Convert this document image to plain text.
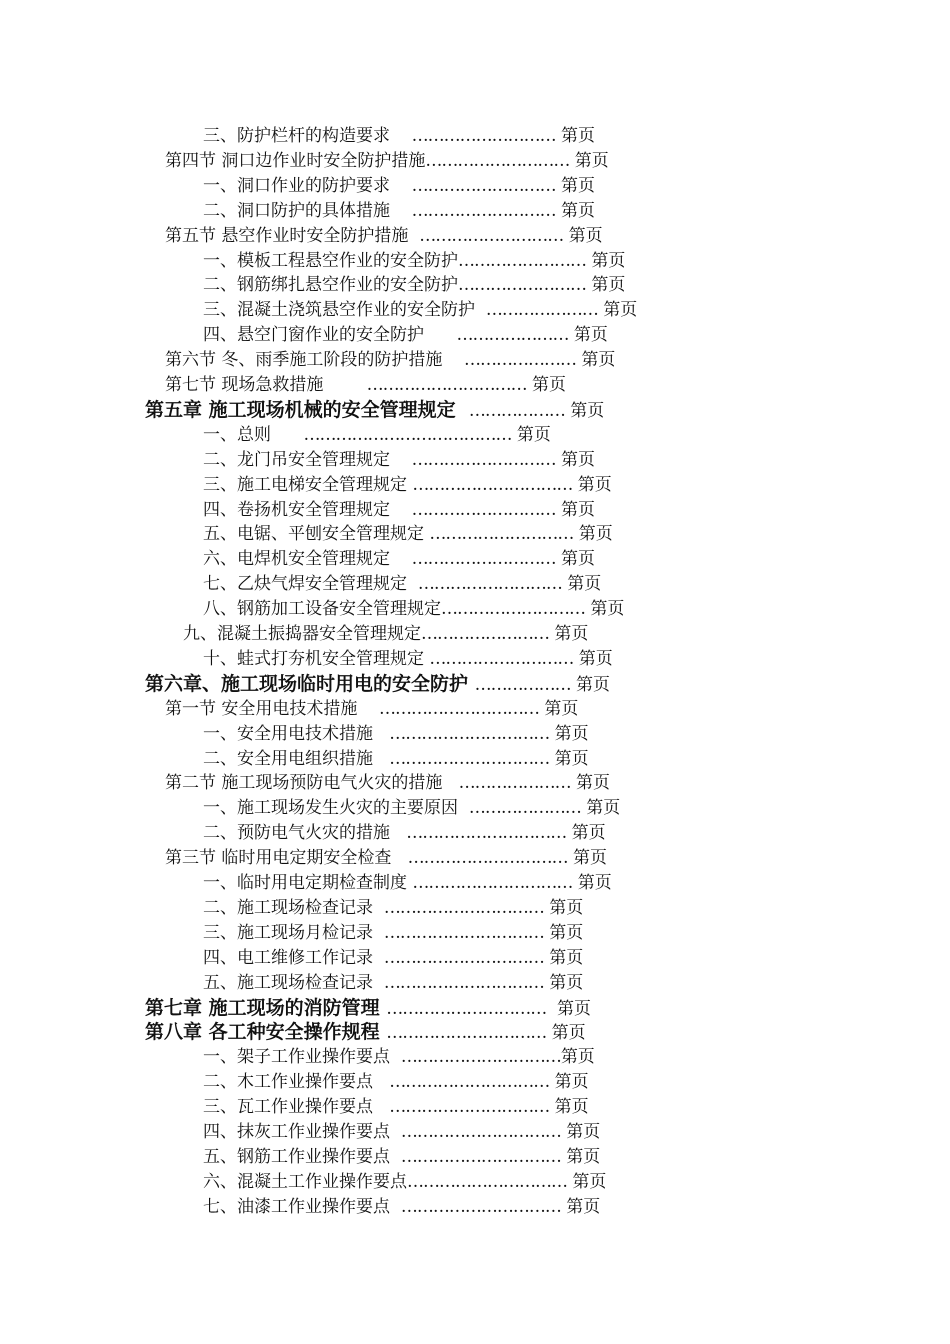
三、防护栏杆的构造要求 ……………………… 第页
第四节 洞口边作业时安全防护措施……………………… 第页
一、洞口作业的防护要求 ……………………… 第页
二、洞口防护的具体措施 ……………………… 第页
第五节 悬空作业时安全防护措施 ……………………… 第页
一、模板工程悬空作业的安全防护…………………… 第页
二、钢筋绑扎悬空作业的安全防护…………………… 第页
三、混凝土浇筑悬空作业的安全防护 ………………… 第页
四、悬空门窗作业的安全防护 ………………… 第页
第六节 冬、雨季施工阶段的防护措施 ………………… 第页
第七节 现场急救措施	………………………… 第页
第五章 施工现场机械的安全管理规定 ……………… 第页
一、总则 ………………………………… 第页
二、龙门吊安全管理规定 ……………………… 第页
三、施工电梯安全管理规定 ………………………… 第页
四、卷扬机安全管理规定 ……………………… 第页
五、电锯、平刨安全管理规定 ……………………… 第页
六、电焊机安全管理规定 ……………………… 第页
七、乙炔气焊安全管理规定 ……………………… 第页
八、钢筋加工设备安全管理规定……………………… 第页
九、混凝土振捣器安全管理规定…………………… 第页
十、蛙式打夯机安全管理规定 ……………………… 第页
第六章、施工现场临时用电的安全防护 ……………… 第页
第一节 安全用电技术措施 ………………………… 第页
一、安全用电技术措施 ………………………… 第页
二、安全用电组织措施 ………………………… 第页
第二节 施工现场预防电气火灾的措施 ………………… 第页
一、施工现场发生火灾的主要原因 ………………… 第页
二、预防电气火灾的措施 ………………………… 第页
第三节 临时用电定期安全检查 ………………………… 第页
一、临时用电定期检查制度 ………………………… 第页
二、施工现场检查记录 ………………………… 第页
三、施工现场月检记录 ………………………… 第页
四、电工维修工作记录 ………………………… 第页
五、施工现场检查记录 ………………………… 第页
第七章 施工现场的消防管理 …………………………  第页
第八章 各工种安全操作规程 ………………………… 第页
一、架子工作业操作要点 …………………………第页
二、木工作业操作要点 ………………………… 第页
三、瓦工作业操作要点 ………………………… 第页
四、抹灰工作业操作要点 ………………………… 第页
五、钢筋工作业操作要点 ………………………… 第页
六、混凝土工作业操作要点………………………… 第页
七、油漆工作业操作要点 ………………………… 第页
